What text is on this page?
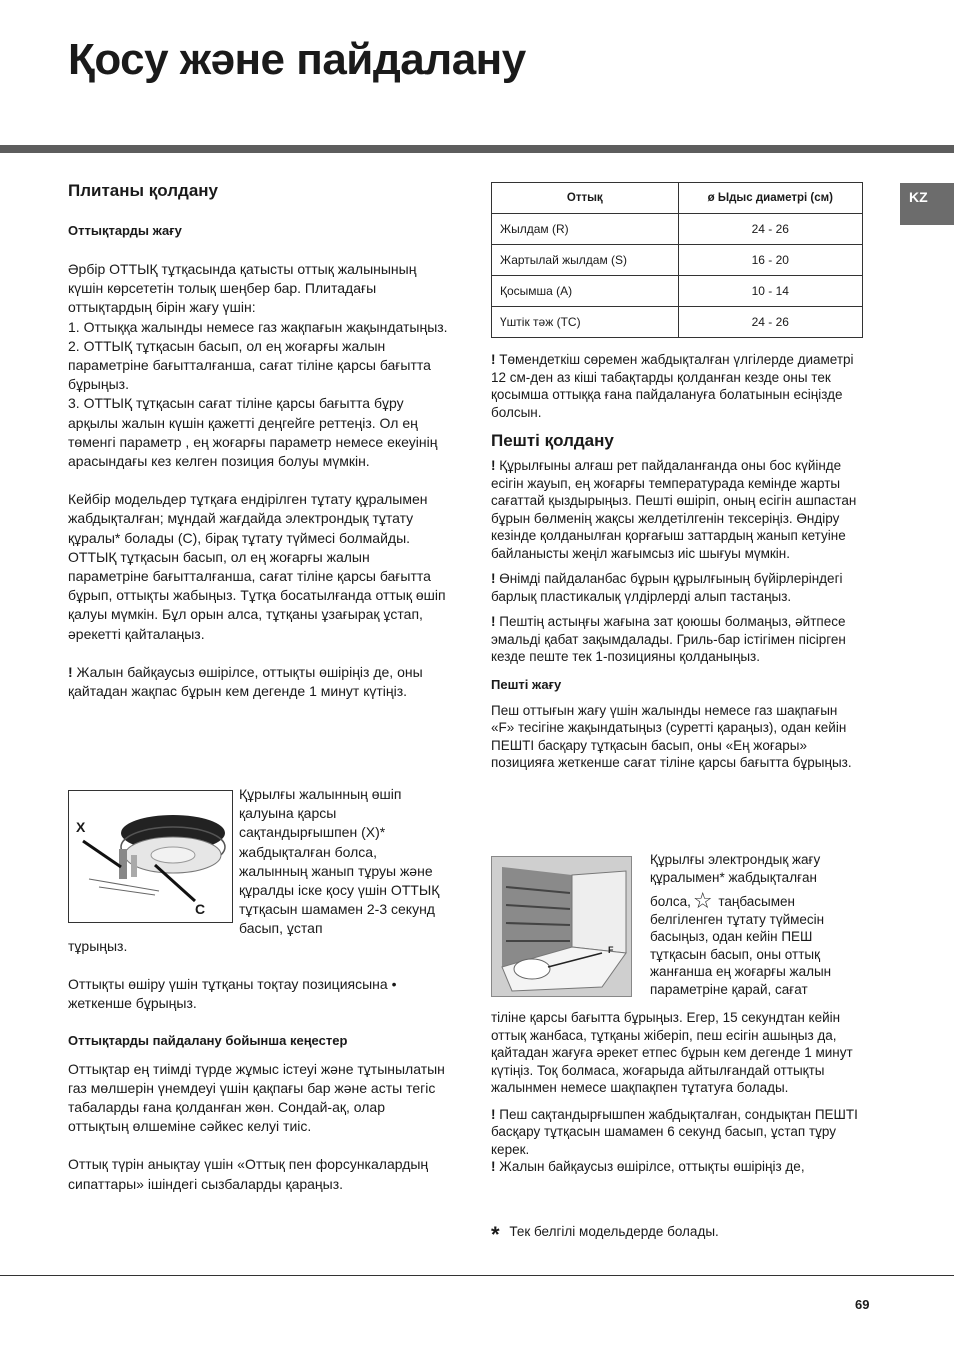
Қосу және пайдалану
KZ
Плитаны қолдану
Оттықтарды жағу

Әрбір ОТТЫҚ тұтқасында қатысты оттық жалынының күшін көрсететін толық шеңбер бар. Плитадағы оттықтардың бірін жағу үшін:

1. Оттыққа жалынды немесе газ жақпағын жақындатыңыз.

2. ОТТЫҚ тұтқасын басып, ол ең жоғарғы жалын параметріне бағытталғанша, сағат тіліне қарсы бағытта бұрыңыз.

3. ОТТЫҚ тұтқасын сағат тіліне қарсы бағытта бұру арқылы жалын күшін қажетті деңгейге реттеңіз. Ол ең төменгі параметр , ең жоғарғы параметр немесе екеуінің арасындағы кез келген позиция болуы мүмкін.

Кейбір модельдер тұтқаға ендірілген тұтату құралымен жабдықталған; мұндай жағдайда электрондық тұтату құралы* болады (C), бірақ тұтату түймесі болмайды. ОТТЫҚ тұтқасын басып, ол ең жоғарғы жалын параметріне бағытталғанша, сағат тіліне қарсы бағытта бұрып, оттықты жабыңыз. Тұтқа босатылғанда оттық өшіп қалуы мүмкін. Бұл орын алса, тұтқаны ұзағырақ ұстап, әрекетті қайталаңыз.

! Жалын байқаусыз өшірілсе, оттықты өшіріңіз де, оны қайтадан жақпас бұрын кем дегенде 1 минут күтіңіз.

X
C

Құрылғы жалынның өшіп қалуына қарсы сақтандырғышпен (X)* жабдықталған болса, жалынның жанып тұруы және құралды іске қосу үшін ОТТЫҚ тұтқасын шамамен 2-3 секунд басып, ұстап

тұрыңыз.

Оттықты өшіру үшін тұтқаны тоқтау позициясына • жеткенше бұрыңыз.

Оттықтарды пайдалану бойынша кеңестер

Оттықтар ең тиімді түрде жұмыс істеуі және тұтынылатын газ мөлшерін үнемдеуі үшін қақпағы бар және асты тегіс табаларды ғана қолданған жөн. Сондай-ақ, олар оттықтың өлшеміне сәйкес келуі тиіс.

Оттық түрін анықтау үшін «Оттық пен форсункалардың сипаттары» ішіндегі сызбаларды қараңыз.

Оттық	ø Ыдыс диаметрі (см)
Жылдам (R)	24 - 26
Жартылай жылдам (S)	16 - 20
Қосымша (A)	10 - 14
Үштік тәж (TC)	24 - 26

! Төмендеткіш сөремен жабдықталған үлгілерде диаметрі 12 см-ден аз кіші табақтарды қолданған кезде оны тек қосымша оттыққа ғана пайдалануға болатынын есіңізде болсын.

Пешті қолдану

! Құрылғыны алғаш рет пайдаланғанда оны бос күйінде есігін жауып, ең жоғарғы температурада кемінде жарты сағаттай қыздырыңыз. Пешті өшіріп, оның есігін ашпастан бұрын бөлменің жақсы желдетілгенін тексеріңіз. Өндіру кезінде қолданылған қорғағыш заттардың жанып кетуіне байланысты жеңіл жағымсыз иіс шығуы мүмкін.

! Өнімді пайдаланбас бұрын құрылғының бүйірлеріндегі барлық пластикалық үлдірлерді алып тастаңыз.

! Пештің астыңғы жағына зат қоюшы болмаңыз, әйтпесе эмальді қабат зақымдалады. Гриль-бар істігімен пісірген кезде пеште тек 1-позицияны қолданыңыз.

Пешті жағу

Пеш оттығын жағу үшін жалынды немесе газ шақпағын «F» тесігіне жақындатыңыз (суретті қараңыз), одан кейін ПЕШТІ басқару тұтқасын басып, оны «Ең жоғары» позицияға жеткенше сағат тіліне қарсы бағытта бұрыңыз.

F

Құрылғы электрондық жағу құралымен* жабдықталған

болса,☆ таңбасымен белгіленген тұтату түймесін басыңыз, одан кейін ПЕШ тұтқасын басып, оны оттық жанғанша ең жоғарғы жалын параметріне қарай, сағат

тіліне қарсы бағытта бұрыңыз. Егер, 15 секундтан кейін оттық жанбаса, тұтқаны жіберіп, пеш есігін ашыңыз да, қайтадан жағуға әрекет етпес бұрын кем дегенде 1 минут күтіңіз. Тоқ болмаса, жоғарыда айтылғандай оттықты жалынмен немесе шақпақпен тұтатуға болады.

! Пеш сақтандырғышпен жабдықталған, сондықтан ПЕШТІ басқару тұтқасын шамамен 6 секунд басып, ұстап тұру керек.

! Жалын байқаусыз өшірілсе, оттықты өшіріңіз де,

* Тек белгілі модельдерде болады.
69
